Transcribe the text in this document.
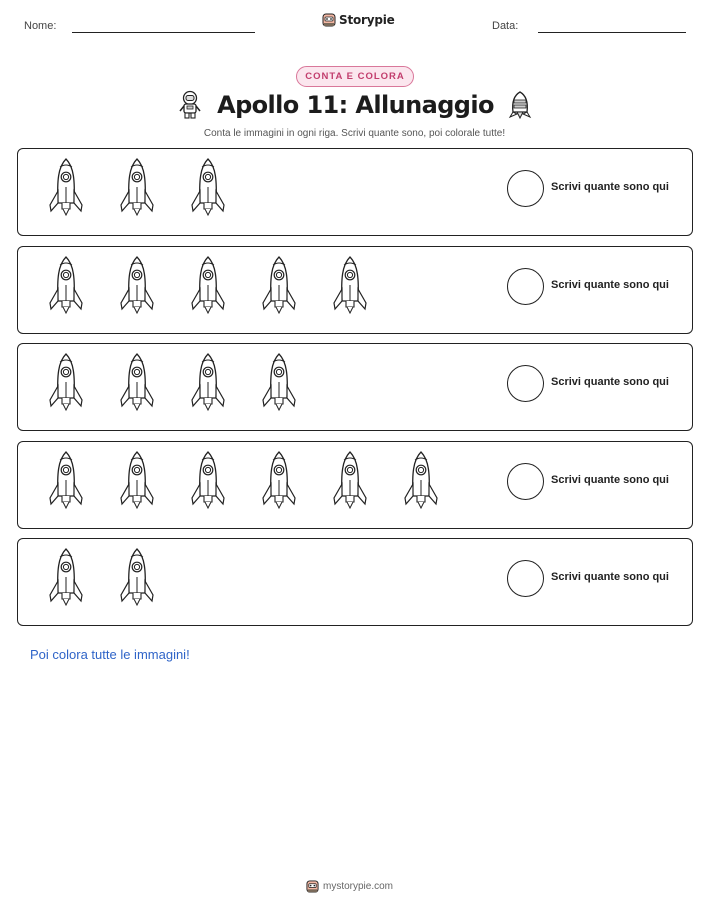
Nome:	Storypie	Data:
CONTA E COLORA
Apollo 11: Allunaggio
Conta le immagini in ogni riga. Scrivi quante sono, poi colorale tutte!
Scrivi quante sono qui
Scrivi quante sono qui
Scrivi quante sono qui
Scrivi quante sono qui
Scrivi quante sono qui
Poi colora tutte le immagini!
mystorypie.com
